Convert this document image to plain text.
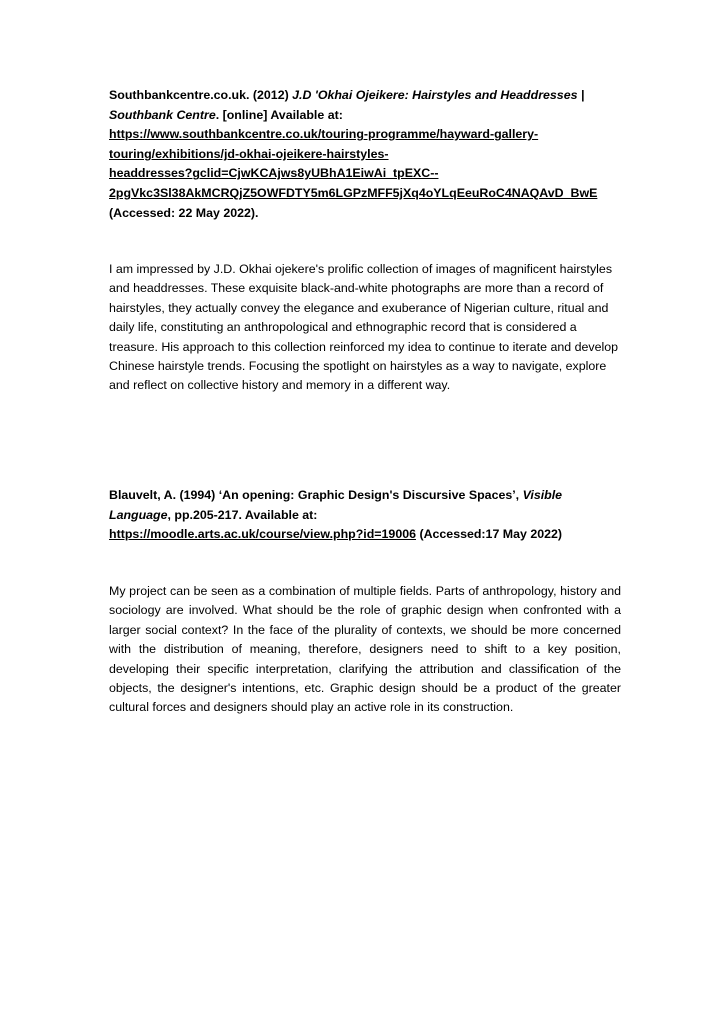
Southbankcentre.co.uk. (2012) J.D 'Okhai Ojeikere: Hairstyles and Headdresses |
Southbank Centre. [online] Available at:
https://www.southbankcentre.co.uk/touring-programme/hayward-gallery-
touring/exhibitions/jd-okhai-ojeikere-hairstyles-
headdresses?gclid=CjwKCAjws8yUBhA1EiwAi_tpEXC--
2pgVkc3Sl38AkMCRQjZ5OWFDTY5m6LGPzMFF5jXq4oYLqEeuRoC4NAQAvD_BwE
(Accessed: 22 May 2022).

I am impressed by J.D. Okhai ojekere's prolific collection of images of magnificent hairstyles and headdresses. These exquisite black-and-white photographs are more than a record of hairstyles, they actually convey the elegance and exuberance of Nigerian culture, ritual and daily life, constituting an anthropological and ethnographic record that is considered a treasure. His approach to this collection reinforced my idea to continue to iterate and develop Chinese hairstyle trends. Focusing the spotlight on hairstyles as a way to navigate, explore and reflect on collective history and memory in a different way.

Blauvelt, A. (1994) ‘An opening: Graphic Design's Discursive Spaces’, Visible Language, pp.205-217. Available at:
https://moodle.arts.ac.uk/course/view.php?id=19006 (Accessed:17 May 2022)

My project can be seen as a combination of multiple fields. Parts of anthropology, history and sociology are involved. What should be the role of graphic design when confronted with a larger social context? In the face of the plurality of contexts, we should be more concerned with the distribution of meaning, therefore, designers need to shift to a key position, developing their specific interpretation, clarifying the attribution and classification of the objects, the designer's intentions, etc. Graphic design should be a product of the greater cultural forces and designers should play an active role in its construction.
